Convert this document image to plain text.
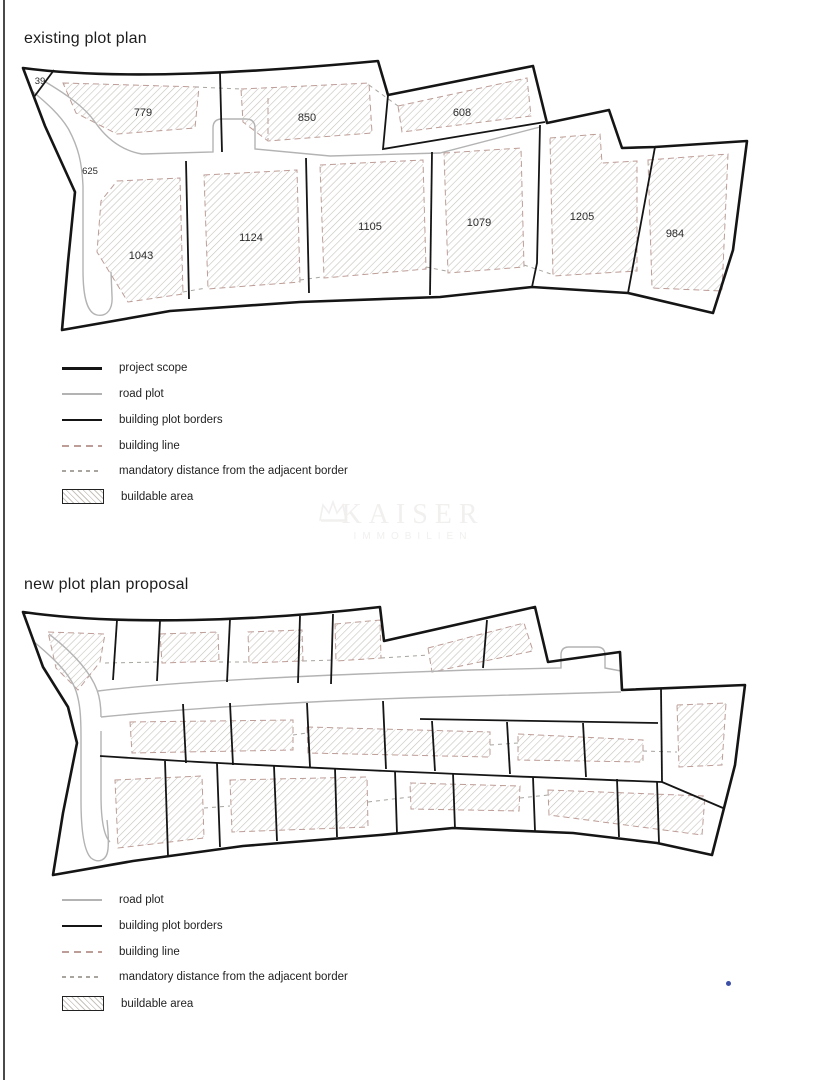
existing plot plan
39
779	850	608
625
1043
1124
1105	1079	1205
984
project scope
road plot
building plot borders
building line
mandatory distance from the adjacent border
buildable area
KAISER
IMMOBILIEN
new plot plan proposal
road plot
building plot borders
building line
mandatory distance from the adjacent border
buildable area
